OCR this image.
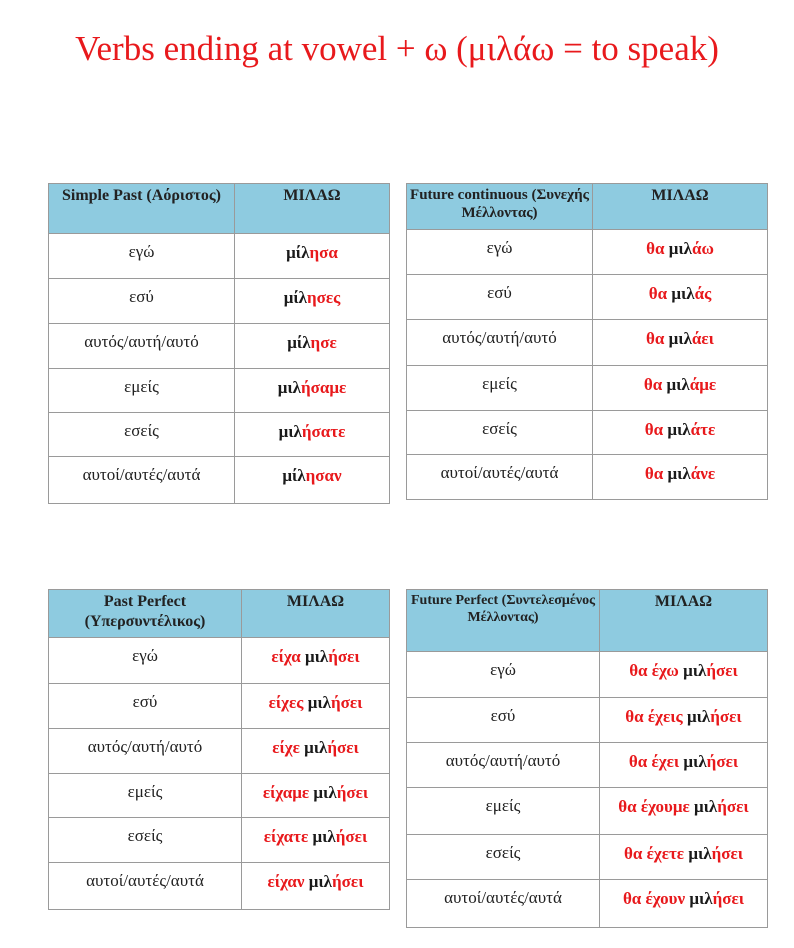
Verbs ending at vowel + ω (μιλάω = to speak)
Simple Past (Αόριστος)	ΜΙΛΑΩ
εγώ	μίλησα
εσύ	μίλησες
αυτός/αυτή/αυτό	μίλησε
εμείς	μιλήσαμε
εσείς	μιλήσατε
αυτοί/αυτές/αυτά	μίλησαν
Future continuous (Συνεχής Μέλλοντας)	ΜΙΛΑΩ
εγώ	θα μιλάω
εσύ	θα μιλάς
αυτός/αυτή/αυτό	θα μιλάει
εμείς	θα μιλάμε
εσείς	θα μιλάτε
αυτοί/αυτές/αυτά	θα μιλάνε
Past Perfect (Υπερσυντέλικος)	ΜΙΛΑΩ
εγώ	είχα μιλήσει
εσύ	είχες μιλήσει
αυτός/αυτή/αυτό	είχε μιλήσει
εμείς	είχαμε μιλήσει
εσείς	είχατε μιλήσει
αυτοί/αυτές/αυτά	είχαν μιλήσει
Future Perfect (Συντελεσμένος Μέλλοντας)	ΜΙΛΑΩ
εγώ	θα έχω μιλήσει
εσύ	θα έχεις μιλήσει
αυτός/αυτή/αυτό	θα έχει μιλήσει
εμείς	θα έχουμε μιλήσει
εσείς	θα έχετε μιλήσει
αυτοί/αυτές/αυτά	θα έχουν μιλήσει
